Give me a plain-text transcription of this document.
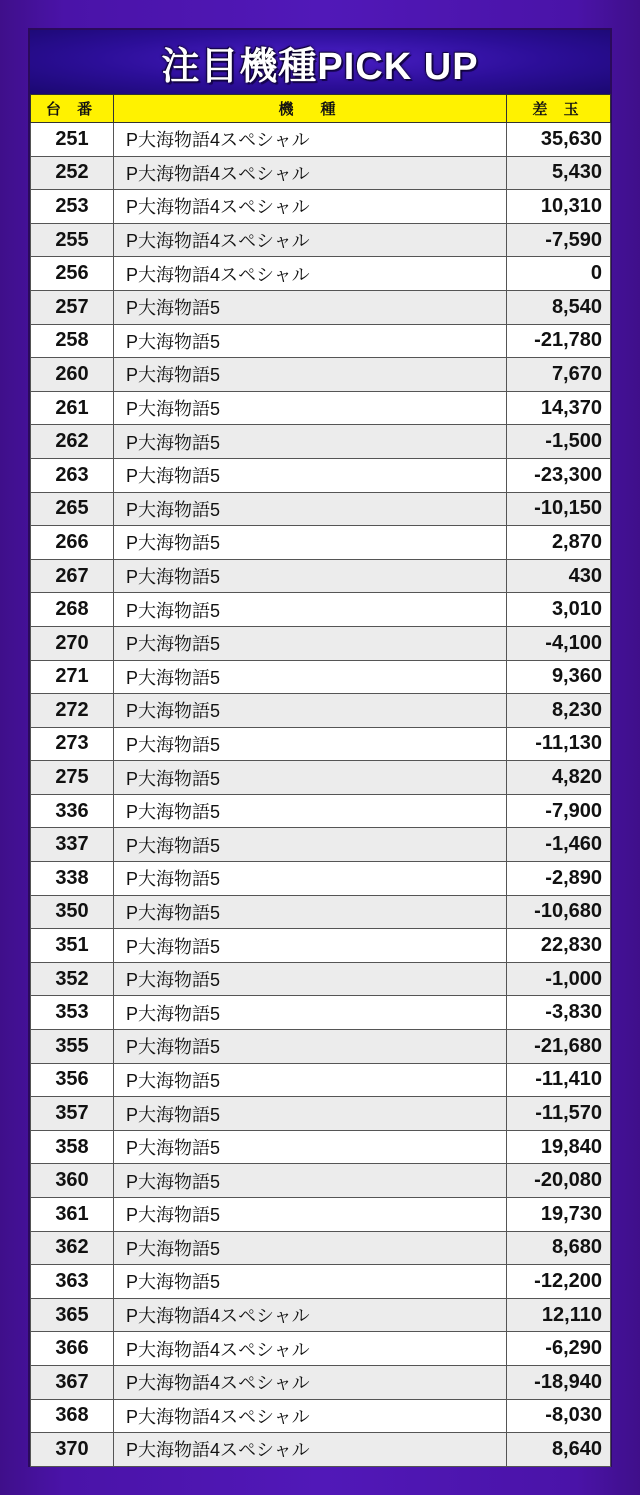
注目機種PICK UP
台 番	機　種	差 玉
251	P大海物語4スペシャル	35,630
252	P大海物語4スペシャル	5,430
253	P大海物語4スペシャル	10,310
255	P大海物語4スペシャル	-7,590
256	P大海物語4スペシャル	0
257	P大海物語5	8,540
258	P大海物語5	-21,780
260	P大海物語5	7,670
261	P大海物語5	14,370
262	P大海物語5	-1,500
263	P大海物語5	-23,300
265	P大海物語5	-10,150
266	P大海物語5	2,870
267	P大海物語5	430
268	P大海物語5	3,010
270	P大海物語5	-4,100
271	P大海物語5	9,360
272	P大海物語5	8,230
273	P大海物語5	-11,130
275	P大海物語5	4,820
336	P大海物語5	-7,900
337	P大海物語5	-1,460
338	P大海物語5	-2,890
350	P大海物語5	-10,680
351	P大海物語5	22,830
352	P大海物語5	-1,000
353	P大海物語5	-3,830
355	P大海物語5	-21,680
356	P大海物語5	-11,410
357	P大海物語5	-11,570
358	P大海物語5	19,840
360	P大海物語5	-20,080
361	P大海物語5	19,730
362	P大海物語5	8,680
363	P大海物語5	-12,200
365	P大海物語4スペシャル	12,110
366	P大海物語4スペシャル	-6,290
367	P大海物語4スペシャル	-18,940
368	P大海物語4スペシャル	-8,030
370	P大海物語4スペシャル	8,640
